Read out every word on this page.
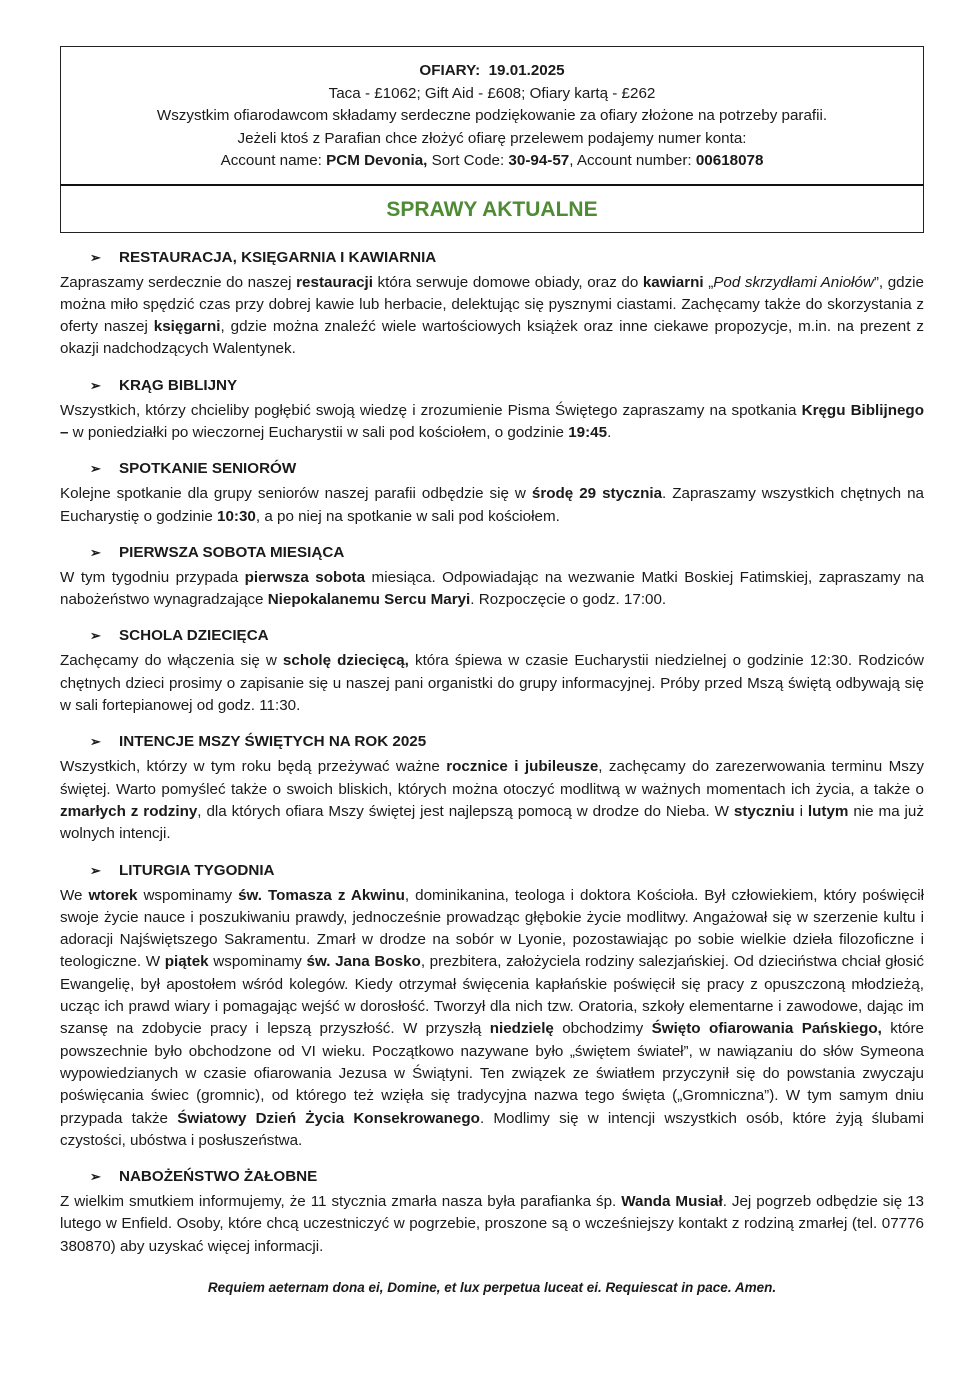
OFIARY: 19.01.2025
Taca - £1062; Gift Aid - £608; Ofiary kartą - £262
Wszystkim ofiarodawcom składamy serdeczne podziękowanie za ofiary złożone na potrzeby parafii.
Jeżeli ktoś z Parafian chce złożyć ofiarę przelewem podajemy numer konta:
Account name: PCM Devonia, Sort Code: 30-94-57, Account number: 00618078
SPRAWY AKTUALNE
➢ RESTAURACJA, KSIĘGARNIA I KAWIARNIA

Zapraszamy serdecznie do naszej restauracji która serwuje domowe obiady, oraz do kawiarni „Pod skrzydłami Aniołów”, gdzie można miło spędzić czas przy dobrej kawie lub herbacie, delektując się pysznymi ciastami. Zachęcamy także do skorzystania z oferty naszej księgarni, gdzie można znaleźć wiele wartościowych książek oraz inne ciekawe propozycje, m.in. na prezent z okazji nadchodzących Walentynek.

➢ KRĄG BIBLIJNY

Wszystkich, którzy chcieliby pogłębić swoją wiedzę i zrozumienie Pisma Świętego zapraszamy na spotkania Kręgu Biblijnego – w poniedziałki po wieczornej Eucharystii w sali pod kościołem, o godzinie 19:45.

➢ SPOTKANIE SENIORÓW

Kolejne spotkanie dla grupy seniorów naszej parafii odbędzie się w środę 29 stycznia. Zapraszamy wszystkich chętnych na Eucharystię o godzinie 10:30, a po niej na spotkanie w sali pod kościołem.

➢ PIERWSZA SOBOTA MIESIĄCA

W tym tygodniu przypada pierwsza sobota miesiąca. Odpowiadając na wezwanie Matki Boskiej Fatimskiej, zapraszamy na nabożeństwo wynagradzające Niepokalanemu Sercu Maryi. Rozpoczęcie o godz. 17:00.

➢ SCHOLA DZIECIĘCA

Zachęcamy do włączenia się w scholę dziecięcą, która śpiewa w czasie Eucharystii niedzielnej o godzinie 12:30. Rodziców chętnych dzieci prosimy o zapisanie się u naszej pani organistki do grupy informacyjnej. Próby przed Mszą świętą odbywają się w sali fortepianowej od godz. 11:30.

➢ INTENCJE MSZY ŚWIĘTYCH NA ROK 2025

Wszystkich, którzy w tym roku będą przeżywać ważne rocznice i jubileusze, zachęcamy do zarezerwowania terminu Mszy świętej. Warto pomyśleć także o swoich bliskich, których można otoczyć modlitwą w ważnych momentach ich życia, a także o zmarłych z rodziny, dla których ofiara Mszy świętej jest najlepszą pomocą w drodze do Nieba. W styczniu i lutym nie ma już wolnych intencji.

➢ LITURGIA TYGODNIA

We wtorek wspominamy św. Tomasza z Akwinu, dominikanina, teologa i doktora Kościoła. Był człowiekiem, który poświęcił swoje życie nauce i poszukiwaniu prawdy, jednocześnie prowadząc głębokie życie modlitwy. Angażował się w szerzenie kultu i adoracji Najświętszego Sakramentu. Zmarł w drodze na sobór w Lyonie, pozostawiając po sobie wielkie dzieła filozoficzne i teologiczne. W piątek wspominamy św. Jana Bosko, prezbitera, założyciela rodziny salezjańskiej. Od dzieciństwa chciał głosić Ewangelię, był apostołem wśród kolegów. Kiedy otrzymał święcenia kapłańskie poświęcił się pracy z opuszczoną młodzieżą, ucząc ich prawd wiary i pomagając wejść w dorosłość. Tworzył dla nich tzw. Oratoria, szkoły elementarne i zawodowe, dając im szansę na zdobycie pracy i lepszą przyszłość. W przyszłą niedzielę obchodzimy Święto ofiarowania Pańskiego, które powszechnie było obchodzone od VI wieku. Początkowo nazywane było „świętem świateł”, w nawiązaniu do słów Symeona wypowiedzianych w czasie ofiarowania Jezusa w Świątyni. Ten związek ze światłem przyczynił się do powstania zwyczaju poświęcania świec (gromnic), od którego też wzięła się tradycyjna nazwa tego święta („Gromniczna”). W tym samym dniu przypada także Światowy Dzień Życia Konsekrowanego. Modlimy się w intencji wszystkich osób, które żyją ślubami czystości, ubóstwa i posłuszeństwa.

➢ NABOŻEŃSTWO ŻAŁOBNE

Z wielkim smutkiem informujemy, że 11 stycznia zmarła nasza była parafianka śp. Wanda Musiał. Jej pogrzeb odbędzie się 13 lutego w Enfield. Osoby, które chcą uczestniczyć w pogrzebie, proszone są o wcześniejszy kontakt z rodziną zmarłej (tel. 07776 380870) aby uzyskać więcej informacji.

Requiem aeternam dona ei, Domine, et lux perpetua luceat ei. Requiescat in pace. Amen.
